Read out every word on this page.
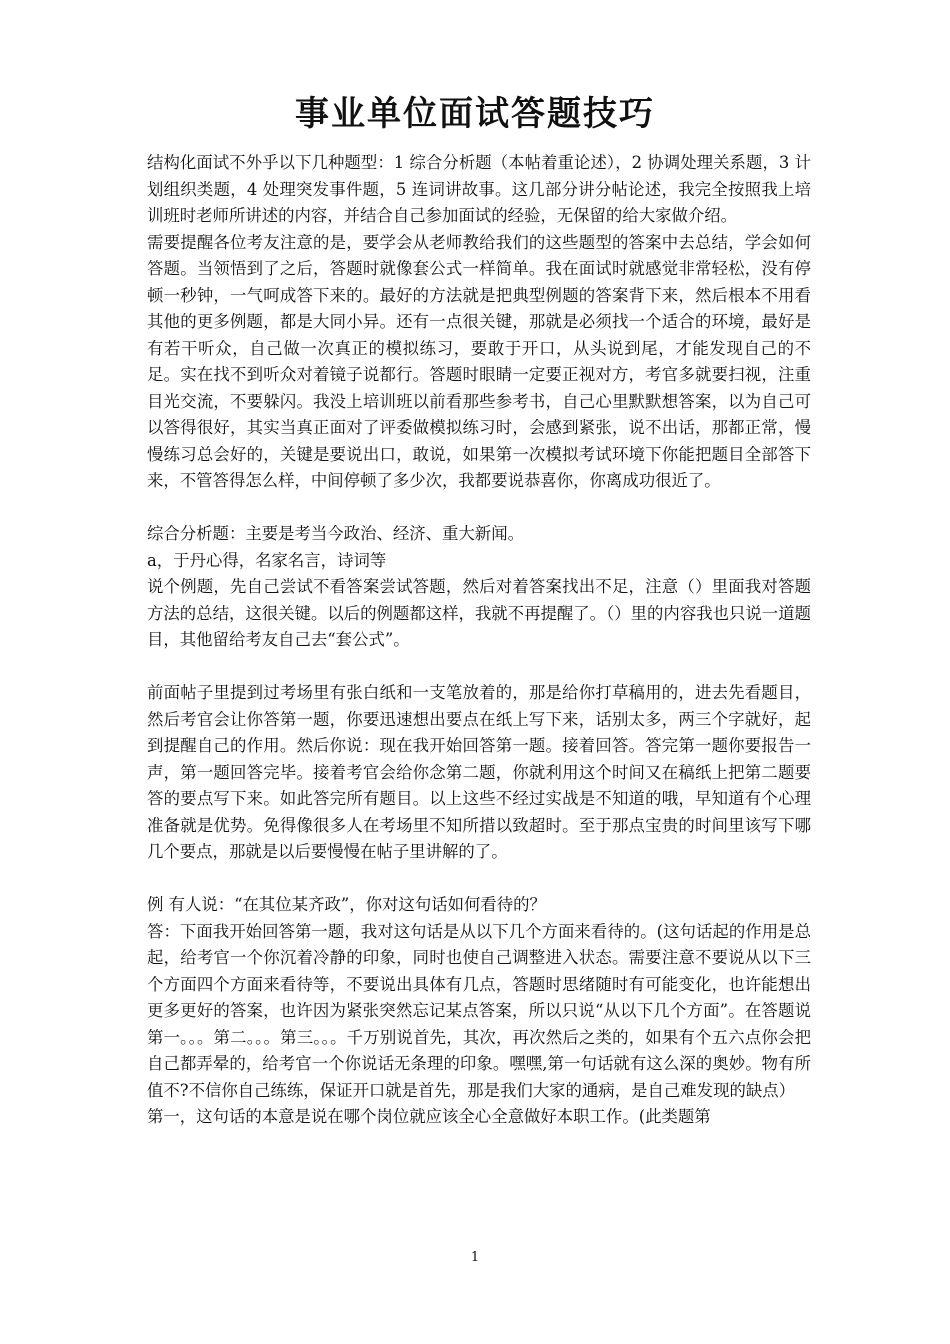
事业单位面试答题技巧

结构化面试不外乎以下几种题型：1 综合分析题（本帖着重论述），2 协调处理关系题，3 计划组织类题，4 处理突发事件题，5 连词讲故事。这几部分讲分帖论述，我完全按照我上培训班时老师所讲述的内容，并结合自己参加面试的经验，无保留的给大家做介绍。

需要提醒各位考友注意的是，要学会从老师教给我们的这些题型的答案中去总结，学会如何答题。当领悟到了之后，答题时就像套公式一样简单。我在面试时就感觉非常轻松，没有停顿一秒钟，一气呵成答下来的。最好的方法就是把典型例题的答案背下来，然后根本不用看其他的更多例题，都是大同小异。还有一点很关键，那就是必须找一个适合的环境，最好是有若干听众，自己做一次真正的模拟练习，要敢于开口，从头说到尾，才能发现自己的不足。实在找不到听众对着镜子说都行。答题时眼睛一定要正视对方，考官多就要扫视，注重目光交流，不要躲闪。我没上培训班以前看那些参考书，自己心里默默想答案，以为自己可以答得很好，其实当真正面对了评委做模拟练习时，会感到紧张，说不出话，那都正常，慢慢练习总会好的，关键是要说出口，敢说，如果第一次模拟考试环境下你能把题目全部答下来，不管答得怎么样，中间停顿了多少次，我都要说恭喜你，你离成功很近了。

综合分析题：主要是考当今政治、经济、重大新闻。

a，于丹心得，名家名言，诗词等

说个例题，先自己尝试不看答案尝试答题，然后对着答案找出不足，注意（）里面我对答题方法的总结，这很关键。以后的例题都这样，我就不再提醒了。（）里的内容我也只说一道题目，其他留给考友自己去“套公式”。

前面帖子里提到过考场里有张白纸和一支笔放着的，那是给你打草稿用的，进去先看题目，然后考官会让你答第一题，你要迅速想出要点在纸上写下来，话别太多，两三个字就好，起到提醒自己的作用。然后你说：现在我开始回答第一题。接着回答。答完第一题你要报告一声，第一题回答完毕。接着考官会给你念第二题，你就利用这个时间又在稿纸上把第二题要答的要点写下来。如此答完所有题目。以上这些不经过实战是不知道的哦，早知道有个心理准备就是优势。免得像很多人在考场里不知所措以致超时。至于那点宝贵的时间里该写下哪几个要点，那就是以后要慢慢在帖子里讲解的了。

例 有人说：“在其位某齐政”，你对这句话如何看待的？

答：下面我开始回答第一题，我对这句话是从以下几个方面来看待的。(这句话起的作用是总起，给考官一个你沉着冷静的印象，同时也使自己调整进入状态。需要注意不要说从以下三个方面四个方面来看待等，不要说出具体有几点，答题时思绪随时有可能变化，也许能想出更多更好的答案，也许因为紧张突然忘记某点答案，所以只说“从以下几个方面”。在答题说第一。。。第二。。。第三。。。千万别说首先，其次，再次然后之类的，如果有个五六点你会把自己都弄晕的，给考官一个你说话无条理的印象。嘿嘿,第一句话就有这么深的奥妙。物有所值不?不信你自己练练，保证开口就是首先，那是我们大家的通病，是自己难发现的缺点）

第一，这句话的本意是说在哪个岗位就应该全心全意做好本职工作。(此类题第

1
